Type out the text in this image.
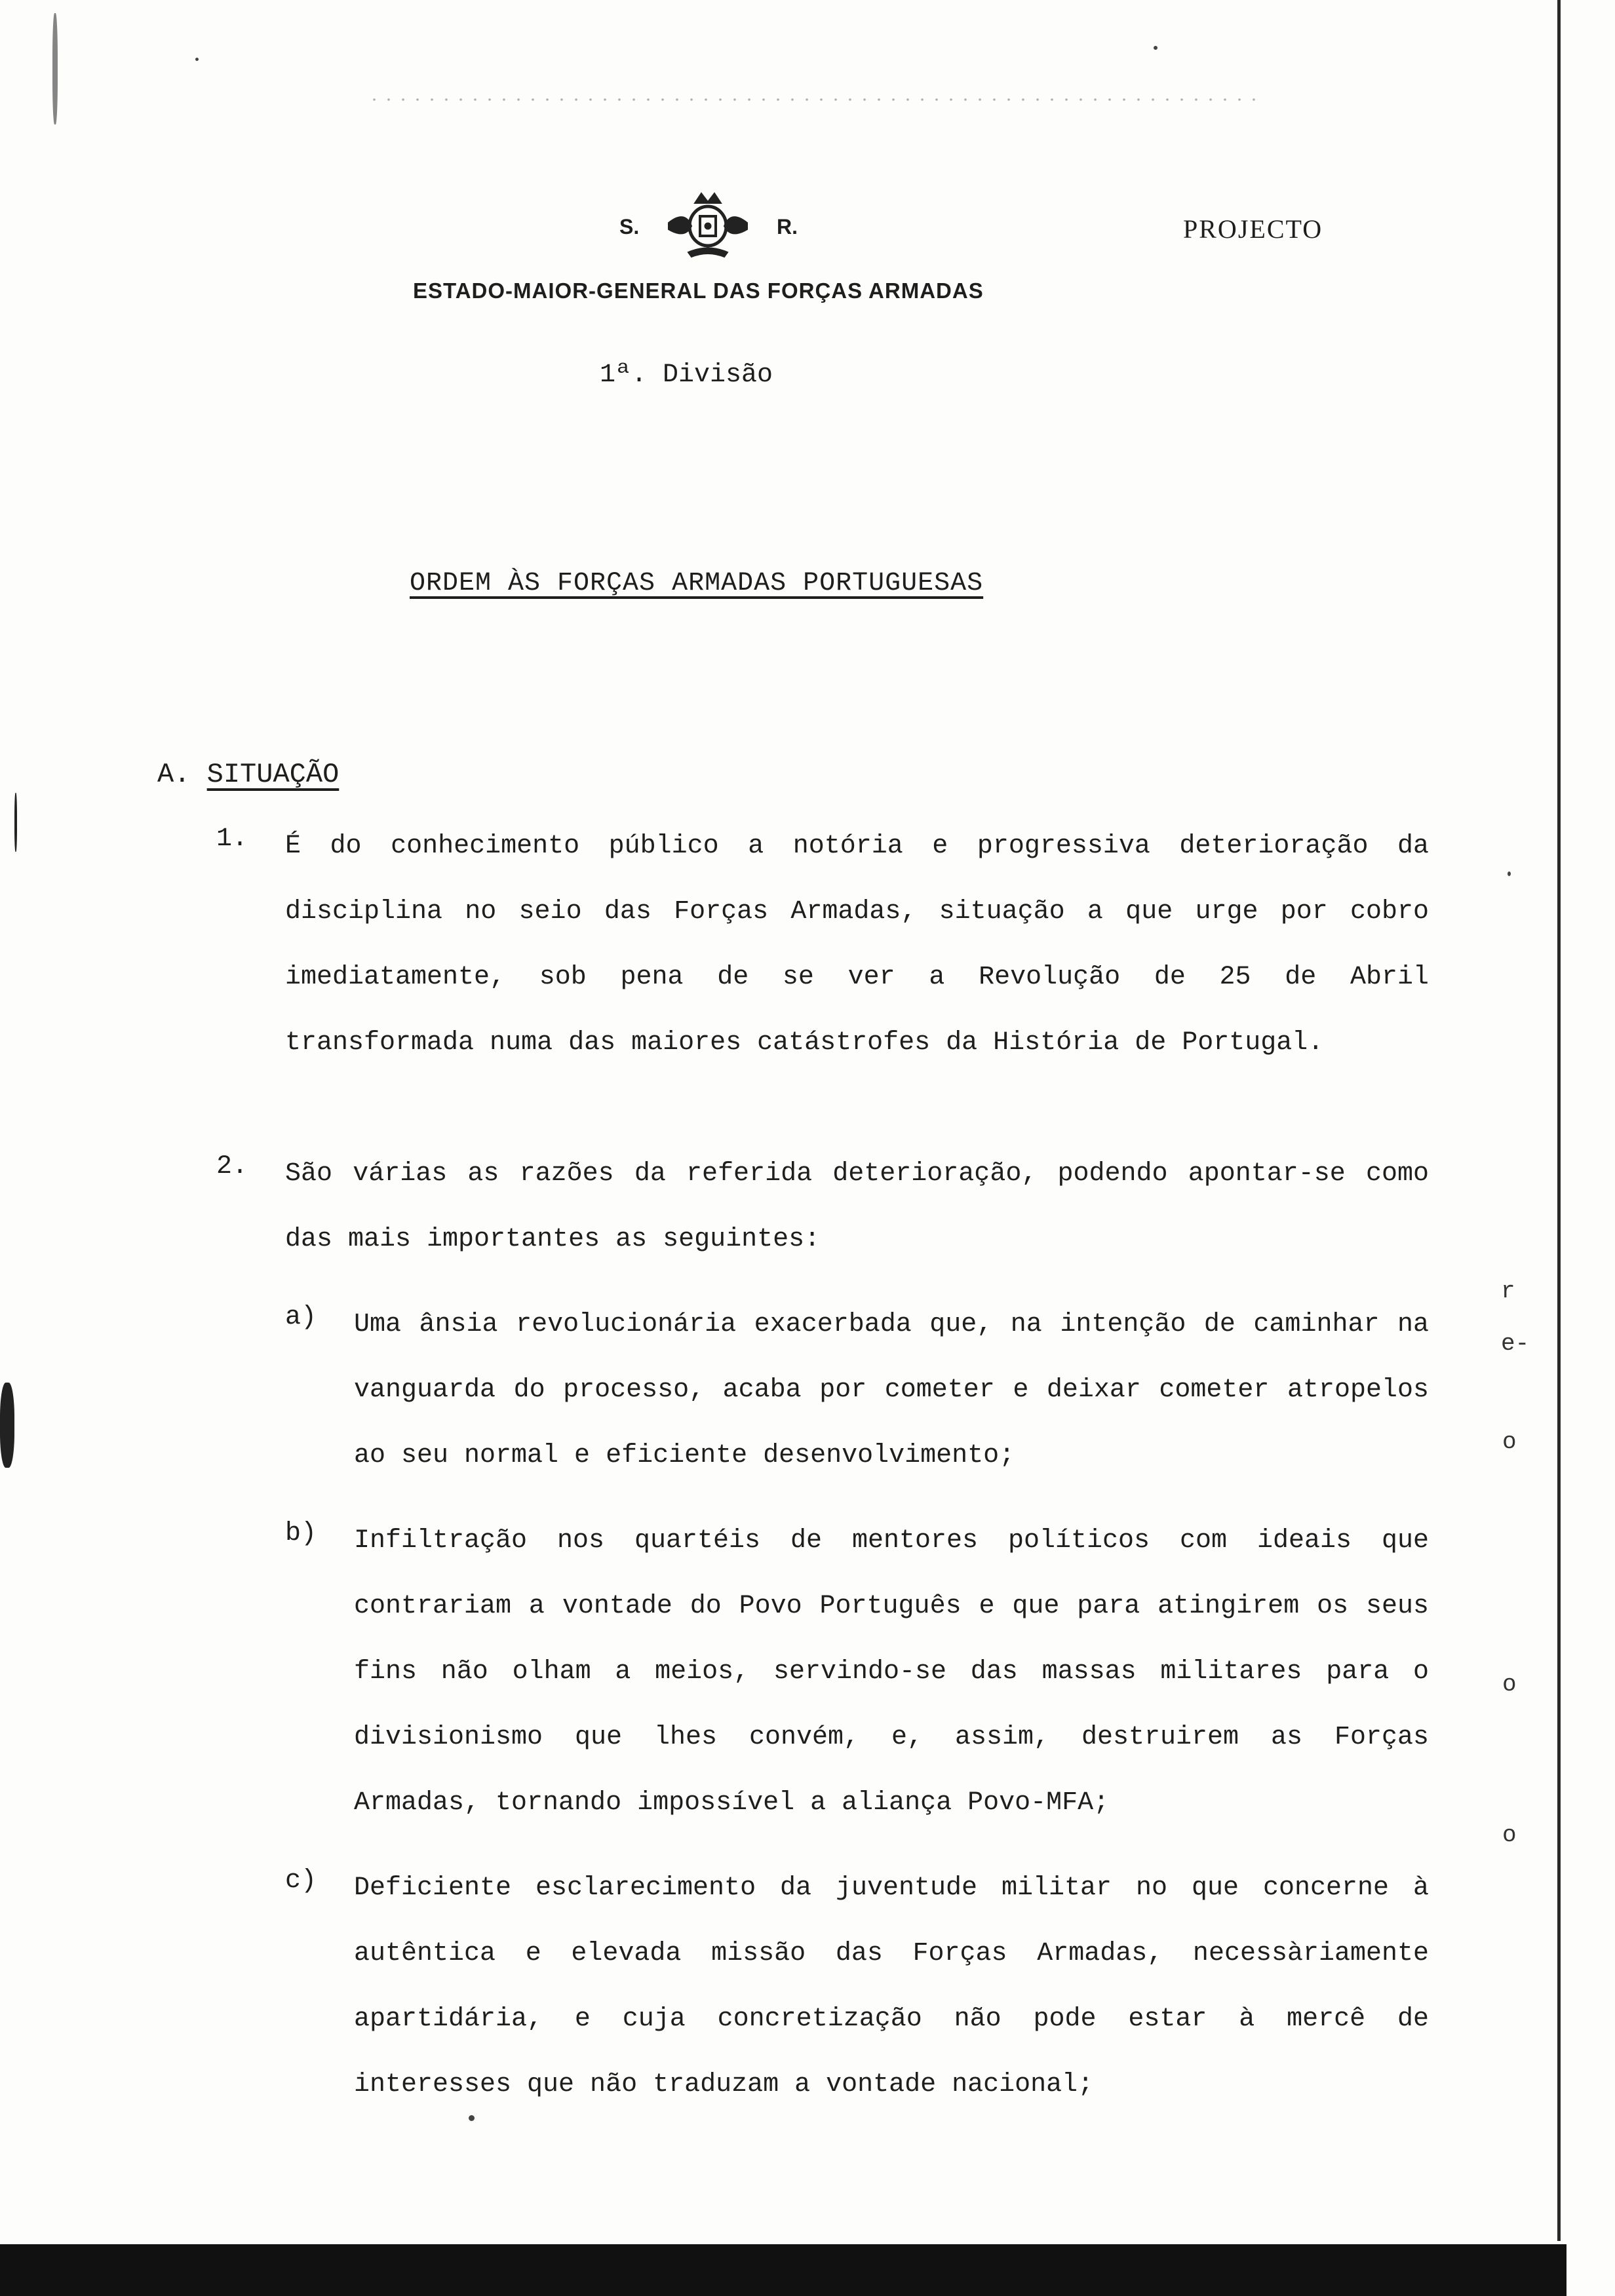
r
e-
o
o
o
S.	R.	PROJECTO
ESTADO-MAIOR-GENERAL DAS FORÇAS ARMADAS
1ª. Divisão
ORDEM ÀS FORÇAS ARMADAS PORTUGUESAS
A. SITUAÇÃO
1. É do conhecimento público a notória e progressiva deterioração da disciplina no seio das Forças Armadas, situação a que urge por cobro imediatamente, sob pena de se ver a Revolução de 25 de Abril transformada numa das maiores catástrofes da História de Portugal.
2. São várias as razões da referida deterioração, podendo apontar-se como das mais importantes as seguintes:
a) Uma ânsia revolucionária exacerbada que, na intenção de caminhar na vanguarda do processo, acaba por cometer e deixar cometer atropelos ao seu normal e eficiente desenvolvimento;
b) Infiltração nos quartéis de mentores políticos com ideais que contrariam a vontade do Povo Português e que para atingirem os seus fins não olham a meios, servindo-se das massas militares para o divisionismo que lhes convém, e, assim, destruirem as Forças Armadas, tornando impossível a aliança Povo-MFA;
c) Deficiente esclarecimento da juventude militar no que concerne à autêntica e elevada missão das Forças Armadas, necessàriamente apartidária, e cuja concretização não pode estar à mercê de interesses que não traduzam a vontade nacional;
